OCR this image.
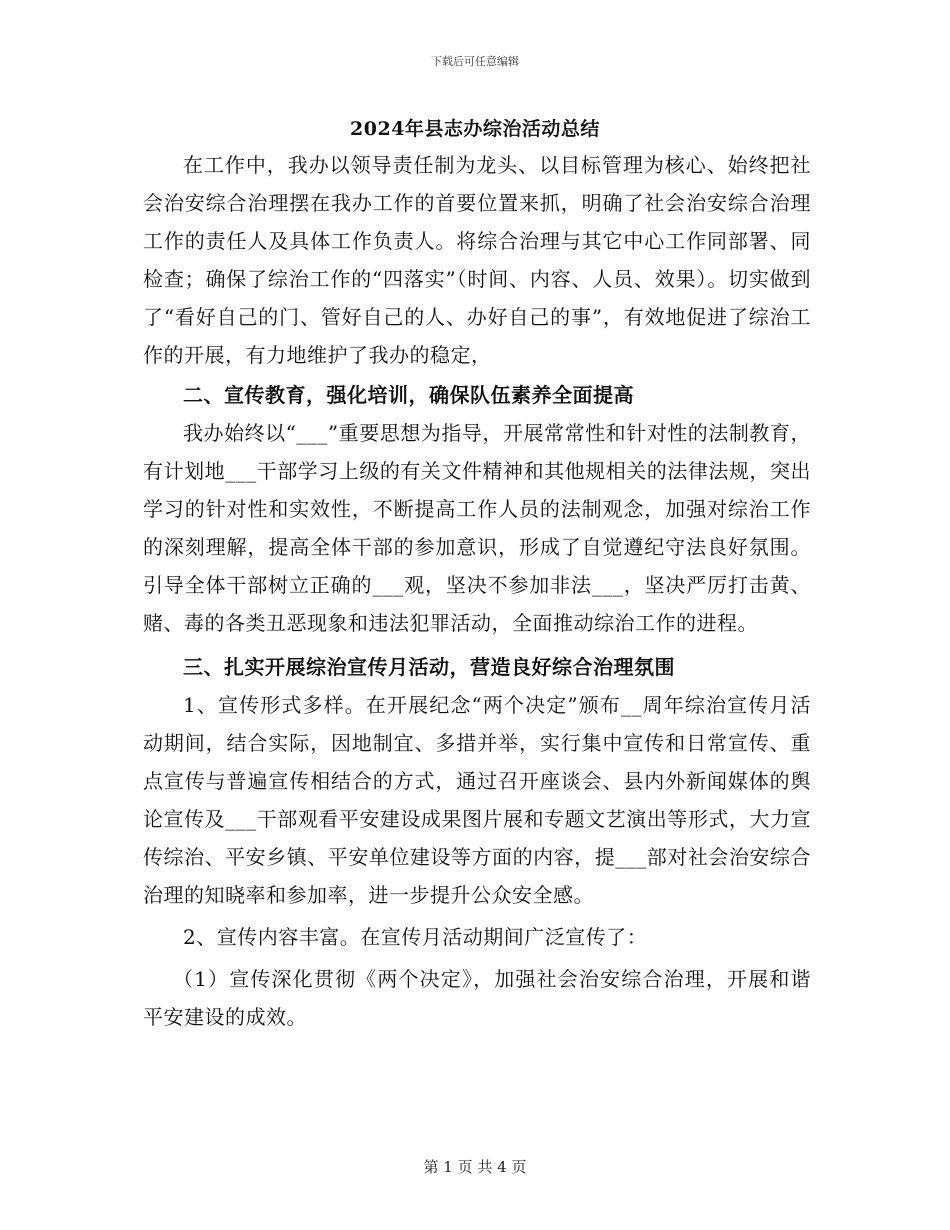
下载后可任意编辑
2024年县志办综治活动总结

在工作中，我办以领导责任制为龙头、以目标管理为核心、始终把社会治安综合治理摆在我办工作的首要位置来抓，明确了社会治安综合治理工作的责任人及具体工作负责人。将综合治理与其它中心工作同部署、同检查；确保了综治工作的“四落实”（时间、内容、人员、效果）。切实做到了“看好自己的门、管好自己的人、办好自己的事”，有效地促进了综治工作的开展，有力地维护了我办的稳定，

二、宣传教育，强化培训，确保队伍素养全面提高

我办始终以“___”重要思想为指导，开展常常性和针对性的法制教育，有计划地___干部学习上级的有关文件精神和其他规相关的法律法规，突出学习的针对性和实效性，不断提高工作人员的法制观念，加强对综治工作的深刻理解，提高全体干部的参加意识，形成了自觉遵纪守法良好氛围。引导全体干部树立正确的___观，坚决不参加非法___，坚决严厉打击黄、赌、毒的各类丑恶现象和违法犯罪活动，全面推动综治工作的进程。

三、扎实开展综治宣传月活动，营造良好综合治理氛围

1、宣传形式多样。在开展纪念“两个决定”颁布__周年综治宣传月活动期间，结合实际，因地制宜、多措并举，实行集中宣传和日常宣传、重点宣传与普遍宣传相结合的方式，通过召开座谈会、县内外新闻媒体的舆论宣传及___干部观看平安建设成果图片展和专题文艺演出等形式，大力宣传综治、平安乡镇、平安单位建设等方面的内容，提___部对社会治安综合治理的知晓率和参加率，进一步提升公众安全感。

2、宣传内容丰富。在宣传月活动期间广泛宣传了：

（1）宣传深化贯彻《两个决定》，加强社会治安综合治理，开展和谐平安建设的成效。

第 1 页 共 4 页
